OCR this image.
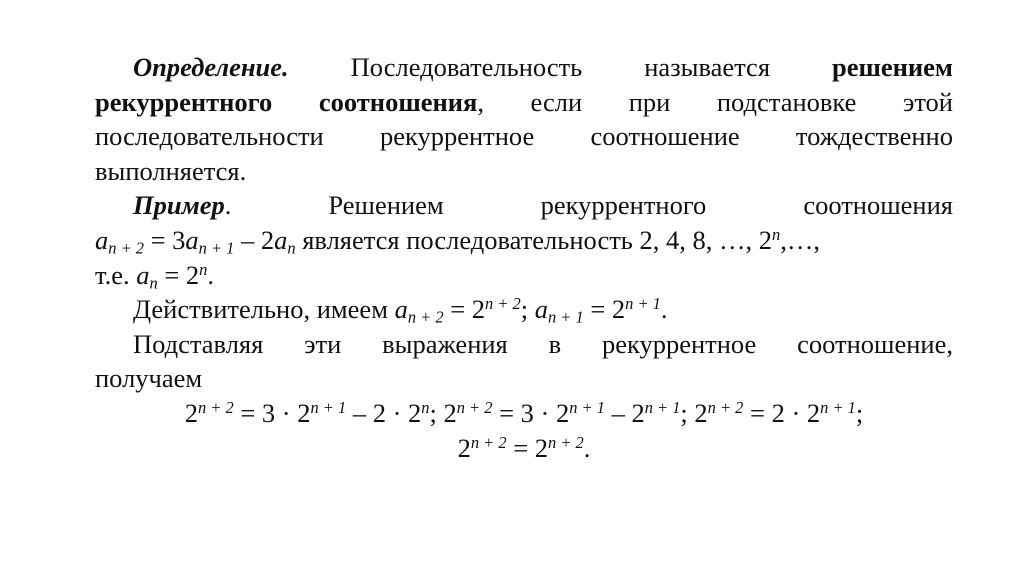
Определение. Последовательность называется решением
рекуррентного соотношения, если при подстановке этой
последовательности рекуррентное соотношение тождественно
выполняется.
Пример.	Решением	рекуррентного	соотношения
$a_{n + 2} = 3a_{n + 1} - 2a_n$ является последовательность 2, 4, 8, …, 2$^n$,…,
т.е. $a_n = 2^n$.
Действительно, имеем $a_{n + 2} = 2^{n + 2}$; $a_{n + 1} = 2^{n + 1}$.
Подставляя эти выражения в рекуррентное соотношение,
получаем
$2^{n + 2} = 3 \cdot 2^{n + 1} - 2 \cdot 2^n$; $2^{n + 2} = 3 \cdot 2^{n + 1} - 2^{n + 1}$; $2^{n + 2} = 2 \cdot 2^{n + 1}$;
$2^{n + 2} = 2^{n + 2}$.
